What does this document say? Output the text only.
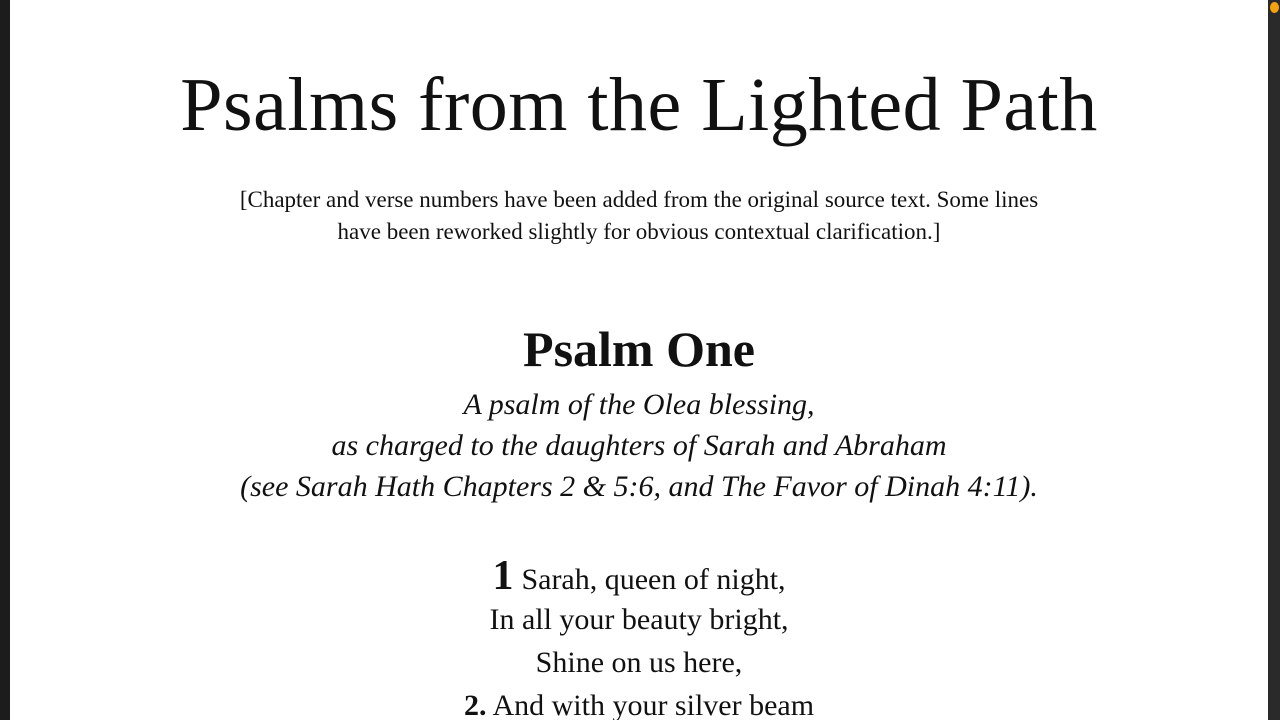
Psalms from the Lighted Path
[Chapter and verse numbers have been added from the original source text. Some lines
have been reworked slightly for obvious contextual clarification.]
Psalm One
A psalm of the Olea blessing,
as charged to the daughters of Sarah and Abraham
(see Sarah Hath Chapters 2 & 5:6, and The Favor of Dinah 4:11).
1 Sarah, queen of night,
In all your beauty bright,
Shine on us here,
2. And with your silver beam
